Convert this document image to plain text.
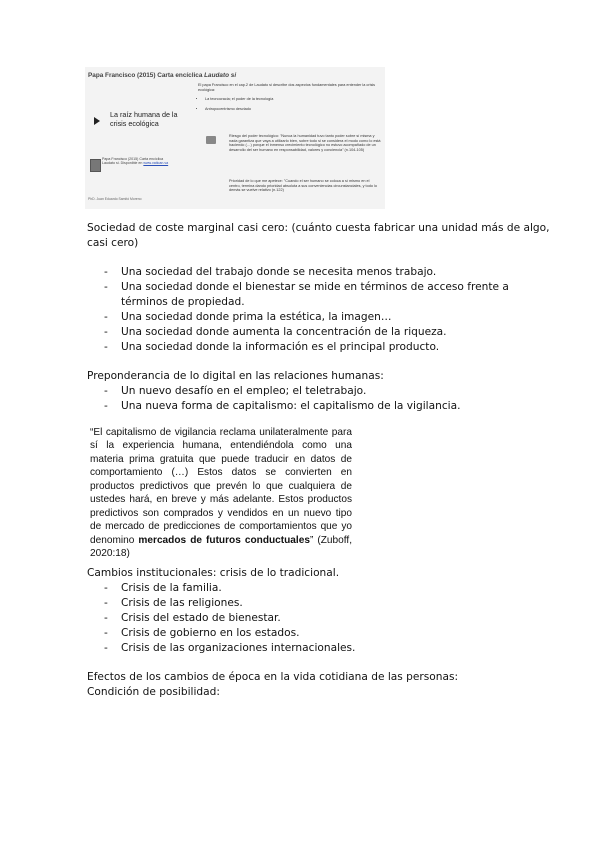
Papa Francisco (2015) Carta encíclica Laudato si
La raíz humana de la crisis ecológica
Papa Francisco (2015) Carta encíclica Laudato si. Disponible en www.vatican.va
PhD. Juan Eduardo Samitó Moreno
El papa Francisco en el cap.2 de Laudato si describe dos aspectos fundamentales para entender la crisis ecológica:
• La tecnocracia; el poder de la tecnología
• Antropocentrismo desviado
Riesgo del poder tecnológico: "Nunca la humanidad tuvo tanto poder sobre sí misma y nada garantiza que vaya a utilizarlo bien, sobre todo si se considera el modo como lo está haciendo (…) porque el inmenso crecimiento tecnológico no estuvo acompañado de un desarrollo del ser humano en responsabilidad, valores y conciencia" (n.104-105)
Prioridad de lo que me apetece: "Cuando el ser humano se coloca a sí mismo en el centro, termina dando prioridad absoluta a sus conveniencias circunstanciales, y todo lo demás se vuelve relativo (n.122)
Sociedad de coste marginal casi cero: (cuánto cuesta fabricar una unidad más de algo,
casi cero)
- Una sociedad del trabajo donde se necesita menos trabajo.
- Una sociedad donde el bienestar se mide en términos de acceso frente a
términos de propiedad.
- Una sociedad donde prima la estética, la imagen…
- Una sociedad donde aumenta la concentración de la riqueza.
- Una sociedad donde la información es el principal producto.
Preponderancia de lo digital en las relaciones humanas:
- Un nuevo desafío en el empleo; el teletrabajo.
- Una nueva forma de capitalismo: el capitalismo de la vigilancia.
“El capitalismo de vigilancia reclama unilateralmente para sí la experiencia humana, entendiéndola como una materia prima gratuita que puede traducir en datos de comportamiento (…) Estos datos se convierten en productos predictivos que prevén lo que cualquiera de ustedes hará, en breve y más adelante. Estos productos predictivos son comprados y vendidos en un nuevo tipo de mercado de predicciones de comportamientos que yo denomino mercados de futuros conductuales” (Zuboff, 2020:18)
Cambios institucionales: crisis de lo tradicional.
- Crisis de la familia.
- Crisis de las religiones.
- Crisis del estado de bienestar.
- Crisis de gobierno en los estados.
- Crisis de las organizaciones internacionales.
Efectos de los cambios de época en la vida cotidiana de las personas:
Condición de posibilidad:
